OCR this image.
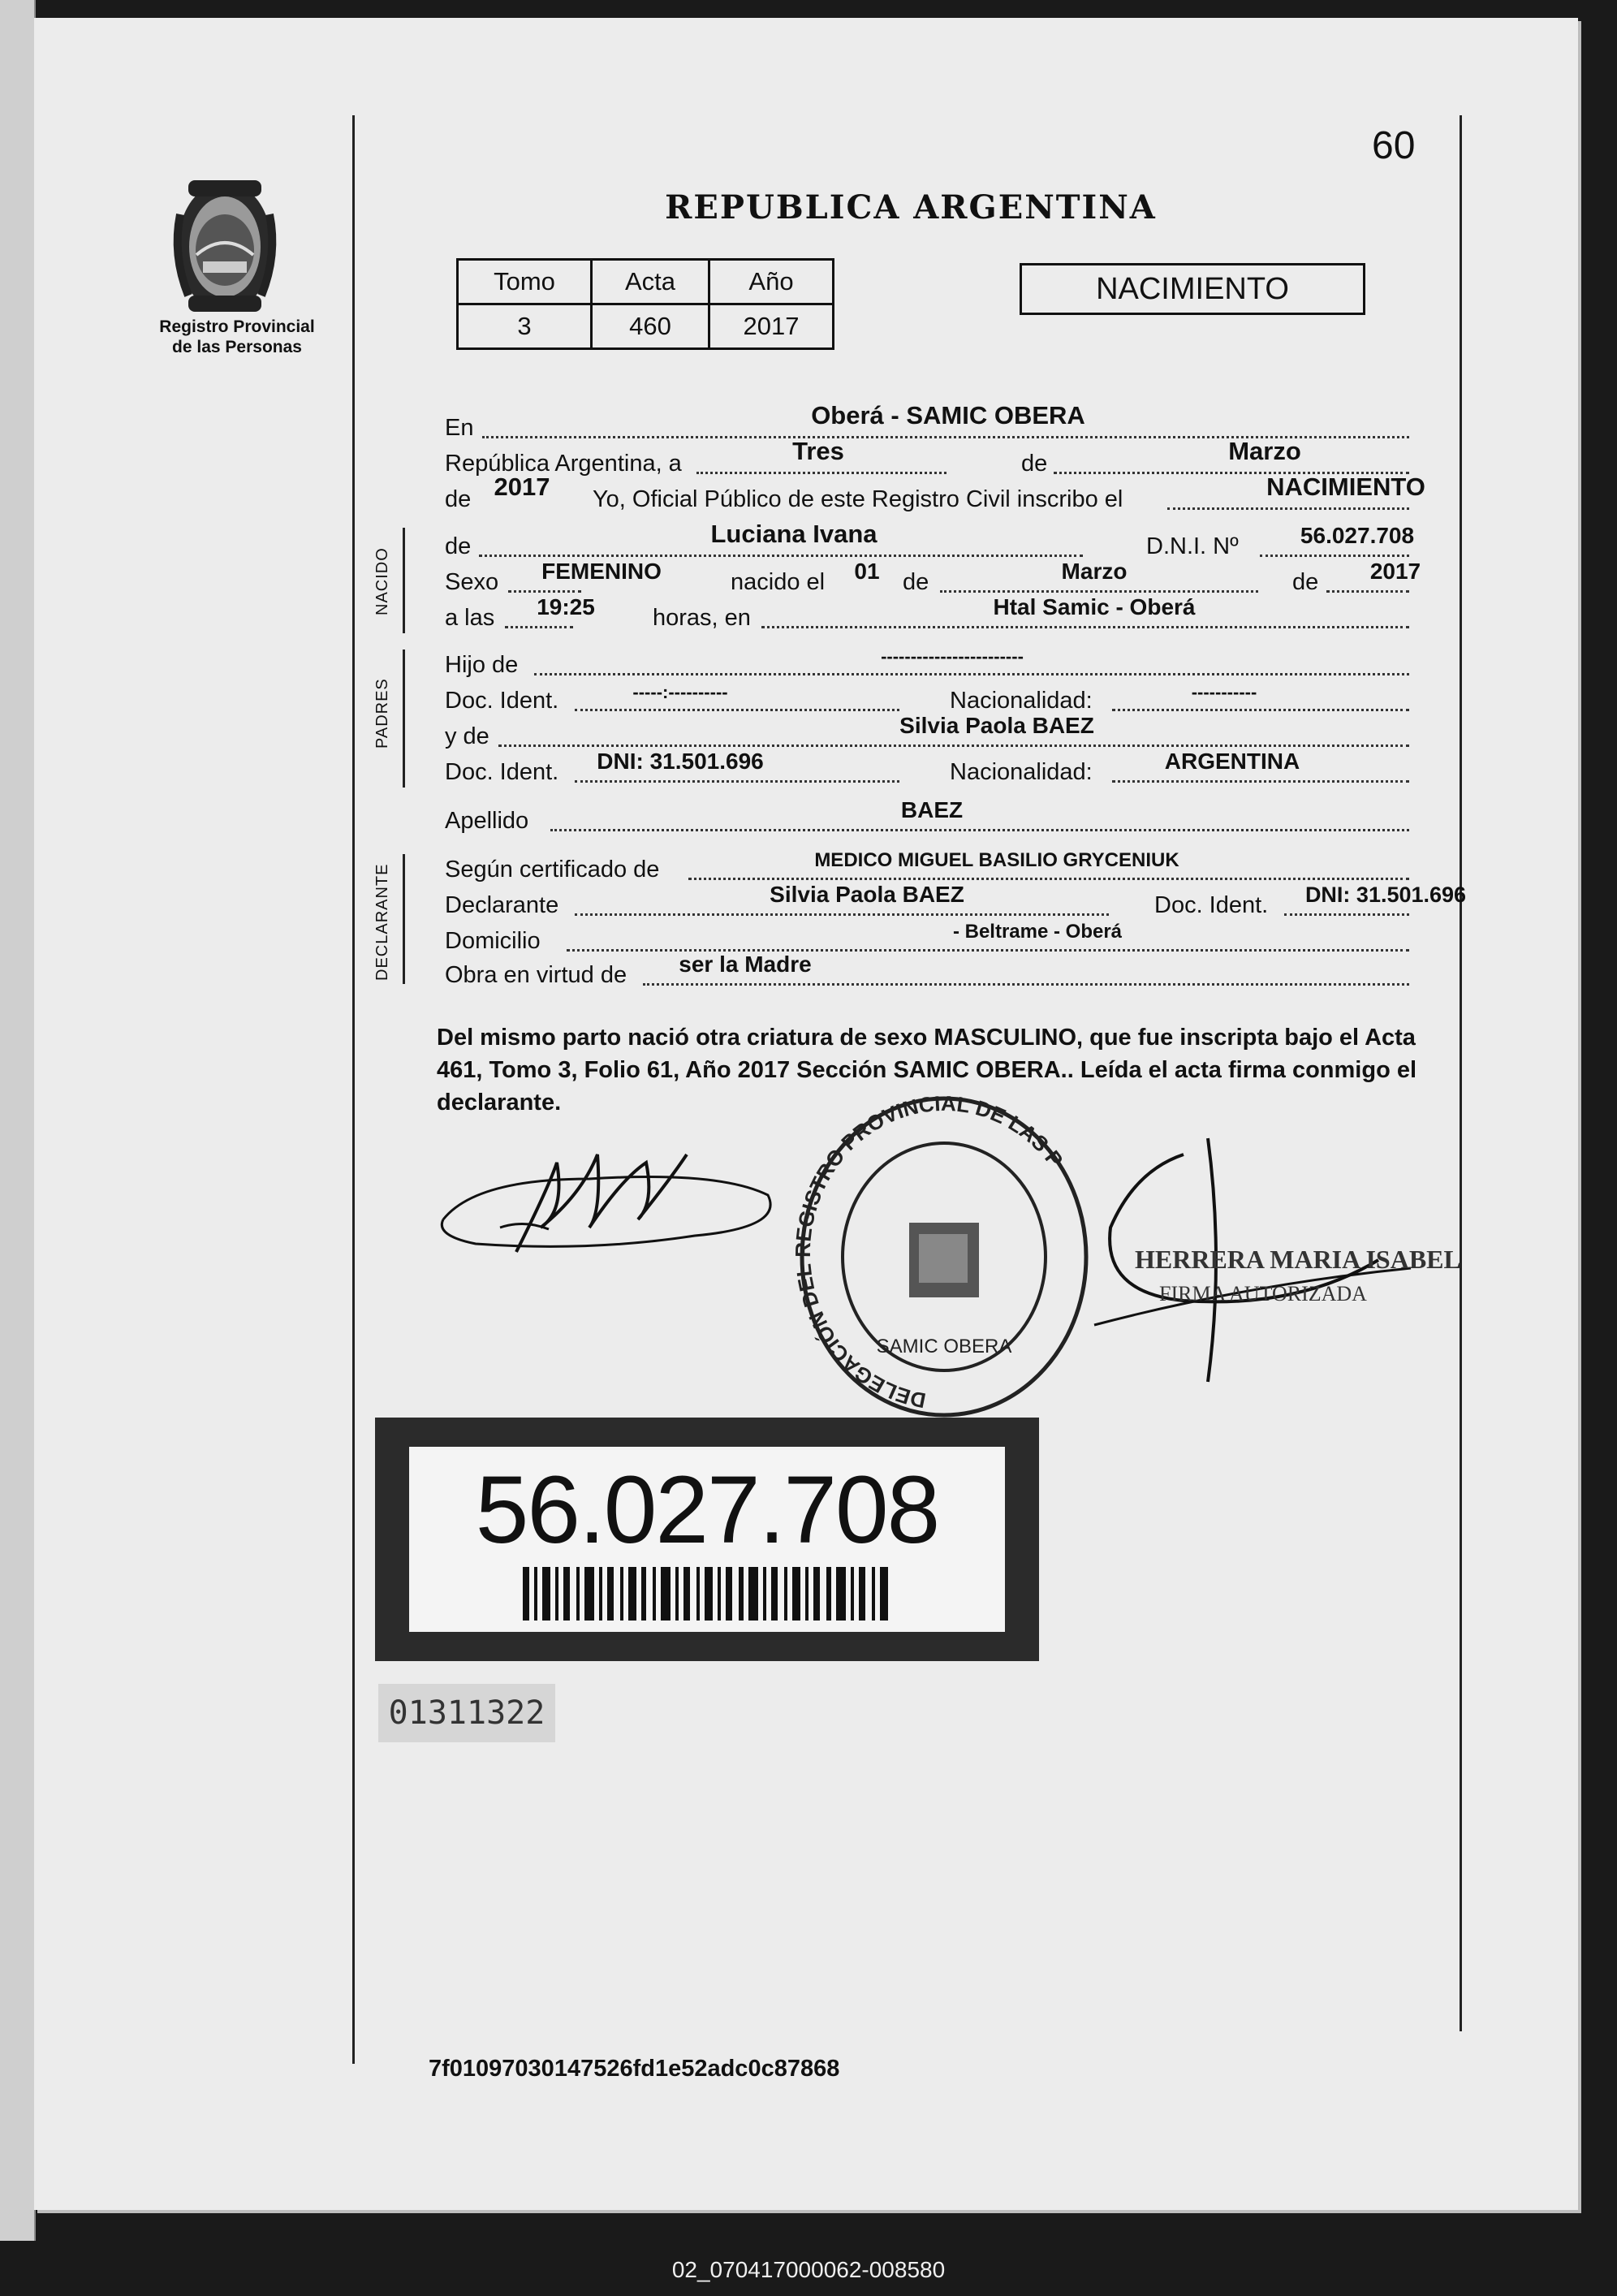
60
Registro Provincial de las Personas
REPUBLICA ARGENTINA
Tomo	Acta	Año
3	460	2017
NACIMIENTO
En	Oberá - SAMIC OBERA
República Argentina, a	Tres	de	Marzo
de 2017	Yo, Oficial Público de este Registro Civil inscribo el	NACIMIENTO
NACIDO
de	Luciana Ivana	D.N.I. Nº	56.027.708
Sexo	FEMENINO	nacido el	01 de	Marzo	de	2017
a las	19:25	horas, en	Htal Samic - Oberá
PADRES
Hijo de	------------------------
Doc. Ident.	-----:----------	Nacionalidad:	-----------
y de	Silvia Paola BAEZ
Doc. Ident.	DNI: 31.501.696	Nacionalidad:	ARGENTINA
Apellido	BAEZ
DECLARANTE Según certificado de	MEDICO MIGUEL BASILIO GRYCENIUK
Declarante	Silvia Paola BAEZ	Doc. Ident.	DNI: 31.501.696
Domicilio	- Beltrame - Oberá
Obra en virtud de	ser la Madre
Del mismo parto nació otra criatura de sexo MASCULINO, que fue inscripta bajo el Acta 461, Tomo 3, Folio 61, Año 2017 Sección SAMIC OBERA.. Leída el acta firma conmigo el declarante.
DELEGACIÓN DEL REGISTRO PROVINCIAL DE LAS P
SAMIC OBERA
HERRERA MARIA ISABEL
FIRMA AUTORIZADA
56.027.708
01311322
7f01097030147526fd1e52adc0c87868
02_070417000062-008580
